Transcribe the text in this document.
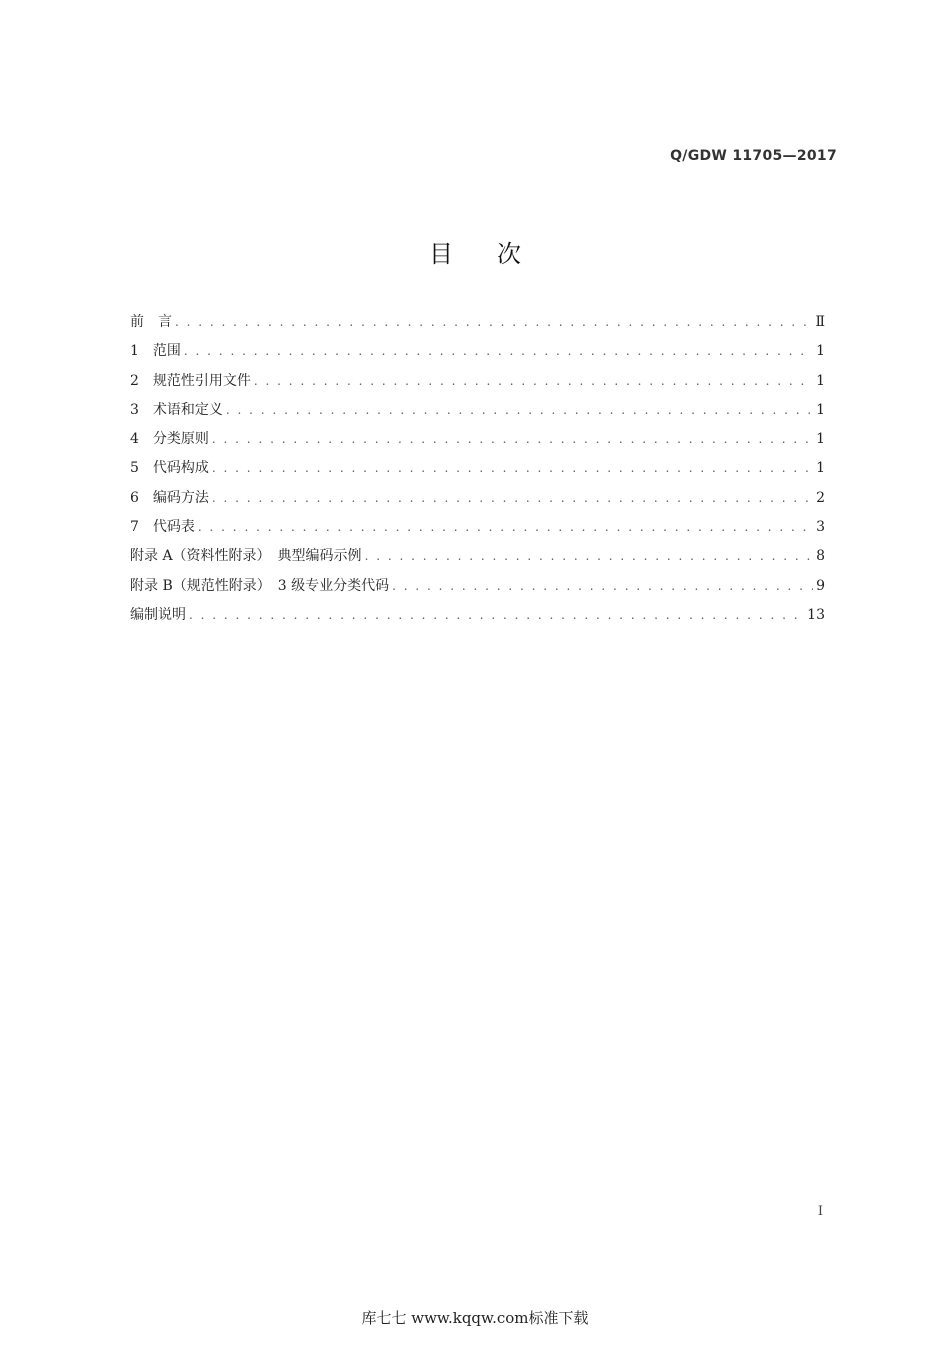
Q/GDW 11705—2017
目次
前　言 . . .	Ⅱ
1　范围 . . .	1
2　规范性引用文件 . . .	1
3　术语和定义 . . .	1
4　分类原则 . . .	1
5　代码构成 . . .	1
6　编码方法 . . .	2
7　代码表 . . .	3
附录 A（资料性附录）　典型编码示例 . . .	8
附录 B（规范性附录）　3 级专业分类代码 . . .	9
编制说明 . . .	13
I
库七七 www.kqqw.com标准下载
